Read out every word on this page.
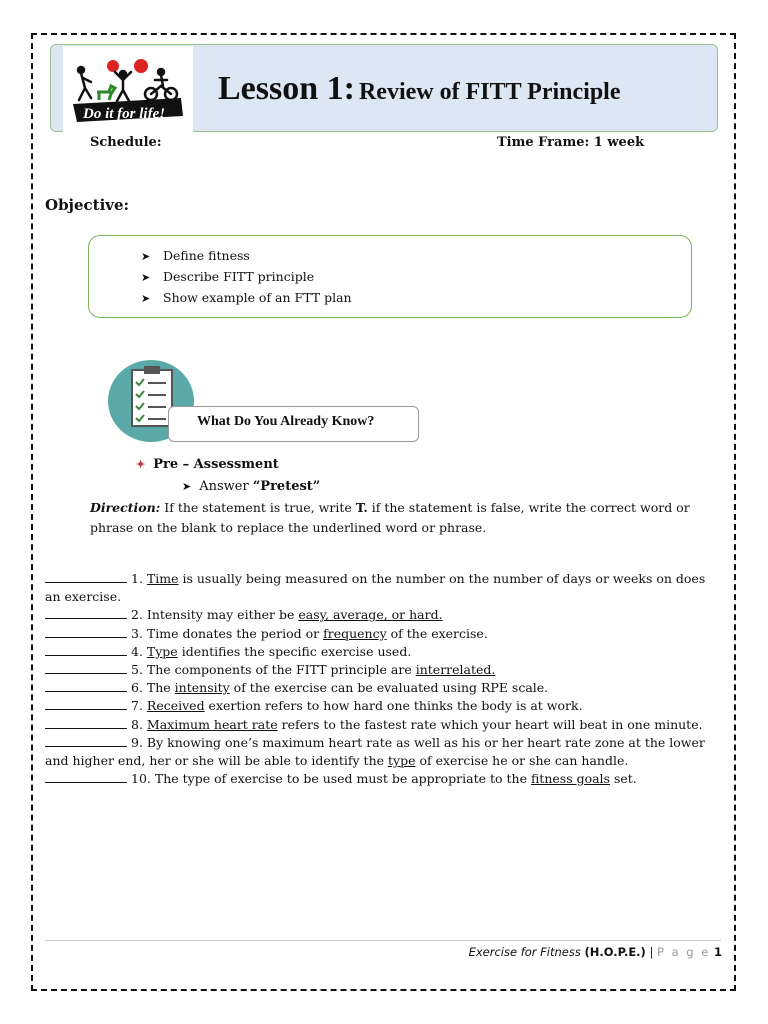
Do it for life!
Lesson 1: Review of FITT Principle
Schedule:	Time Frame: 1 week
Objective:
➤ Define fitness
➤ Describe FITT principle
➤ Show example of an FTT plan
What Do You Already Know?
✦ Pre – Assessment
➤ Answer “Pretest”
Direction: If the statement is true, write T. if the statement is false, write the correct word or phrase on the blank to replace the underlined word or phrase.
1. Time is usually being measured on the number on the number of days or weeks on does an exercise.
2. Intensity may either be easy, average, or hard.
3. Time donates the period or frequency of the exercise.
4. Type identifies the specific exercise used.
5. The components of the FITT principle are interrelated.
6. The intensity of the exercise can be evaluated using RPE scale.
7. Received exertion refers to how hard one thinks the body is at work.
8. Maximum heart rate refers to the fastest rate which your heart will beat in one minute.
9. By knowing one’s maximum heart rate as well as his or her heart rate zone at the lower and higher end, her or she will be able to identify the type of exercise he or she can handle.
10. The type of exercise to be used must be appropriate to the fitness goals set.
Exercise for Fitness (H.O.P.E.) | P a g e 1
